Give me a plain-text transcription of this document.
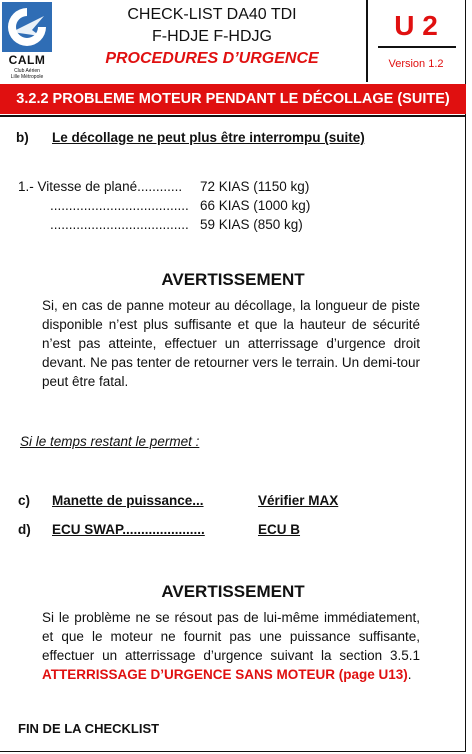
CALM
Club Aérien
Lille Métropole
CHECK-LIST DA40 TDI
F-HDJE F-HDJG
PROCEDURES D’URGENCE
U 2
Version 1.2
3.2.2 PROBLEME MOTEUR PENDANT LE DÉCOLLAGE (SUITE)
b) Le décollage ne peut plus être interrompu (suite)
1.- Vitesse de plané............ 72 KIAS (1150 kg)
..................................... 66 KIAS (1000 kg)
..................................... 59 KIAS (850 kg)
AVERTISSEMENT
Si, en cas de panne moteur au décollage, la longueur de piste disponible n’est plus suffisante et que la hauteur de sécurité n’est pas atteinte, effectuer un atterrissage d’urgence droit devant. Ne pas tenter de retourner vers le terrain. Un demi-tour peut être fatal.
Si le temps restant le permet :
c) Manette de puissance...	Vérifier MAX
d) ECU SWAP......................	ECU B
AVERTISSEMENT
Si le problème ne se résout pas de lui-même immédiatement, et que le moteur ne fournit pas une puissance suffisante, effectuer un atterrissage d’urgence suivant la section 3.5.1 ATTERRISSAGE D’URGENCE SANS MOTEUR (page U13).
FIN DE LA CHECKLIST
